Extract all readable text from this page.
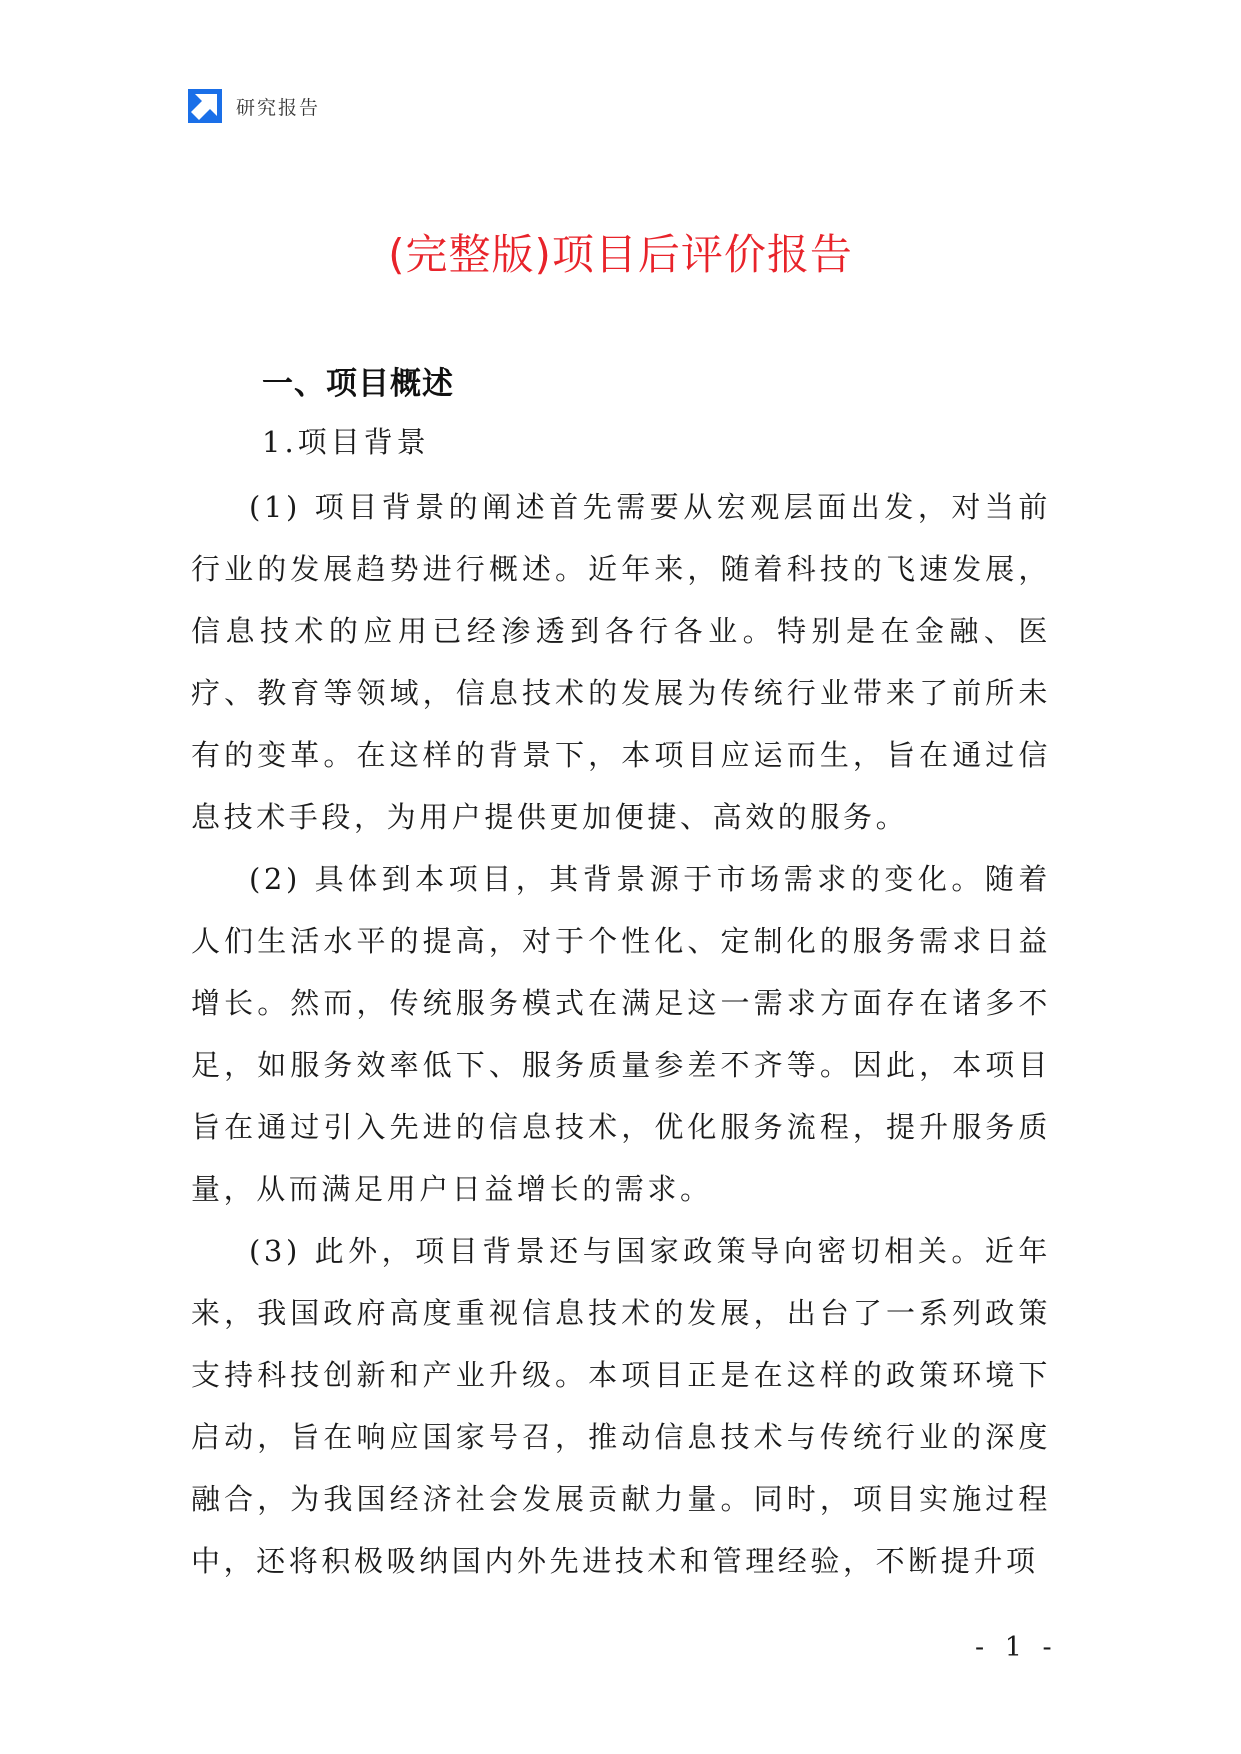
研究报告
(完整版)项目后评价报告
一、项目概述
1.项目背景

(1) 项目背景的阐述首先需要从宏观层面出发，对当前行业的发展趋势进行概述。近年来，随着科技的飞速发展，信息技术的应用已经渗透到各行各业。特别是在金融、医疗、教育等领域，信息技术的发展为传统行业带来了前所未有的变革。在这样的背景下，本项目应运而生，旨在通过信息技术手段，为用户提供更加便捷、高效的服务。

(2) 具体到本项目，其背景源于市场需求的变化。随着人们生活水平的提高，对于个性化、定制化的服务需求日益增长。然而，传统服务模式在满足这一需求方面存在诸多不足，如服务效率低下、服务质量参差不齐等。因此，本项目旨在通过引入先进的信息技术，优化服务流程，提升服务质量，从而满足用户日益增长的需求。

(3) 此外，项目背景还与国家政策导向密切相关。近年来，我国政府高度重视信息技术的发展，出台了一系列政策支持科技创新和产业升级。本项目正是在这样的政策环境下启动，旨在响应国家号召，推动信息技术与传统行业的深度融合，为我国经济社会发展贡献力量。同时，项目实施过程中，还将积极吸纳国内外先进技术和管理经验，不断提升项

- 1 -
